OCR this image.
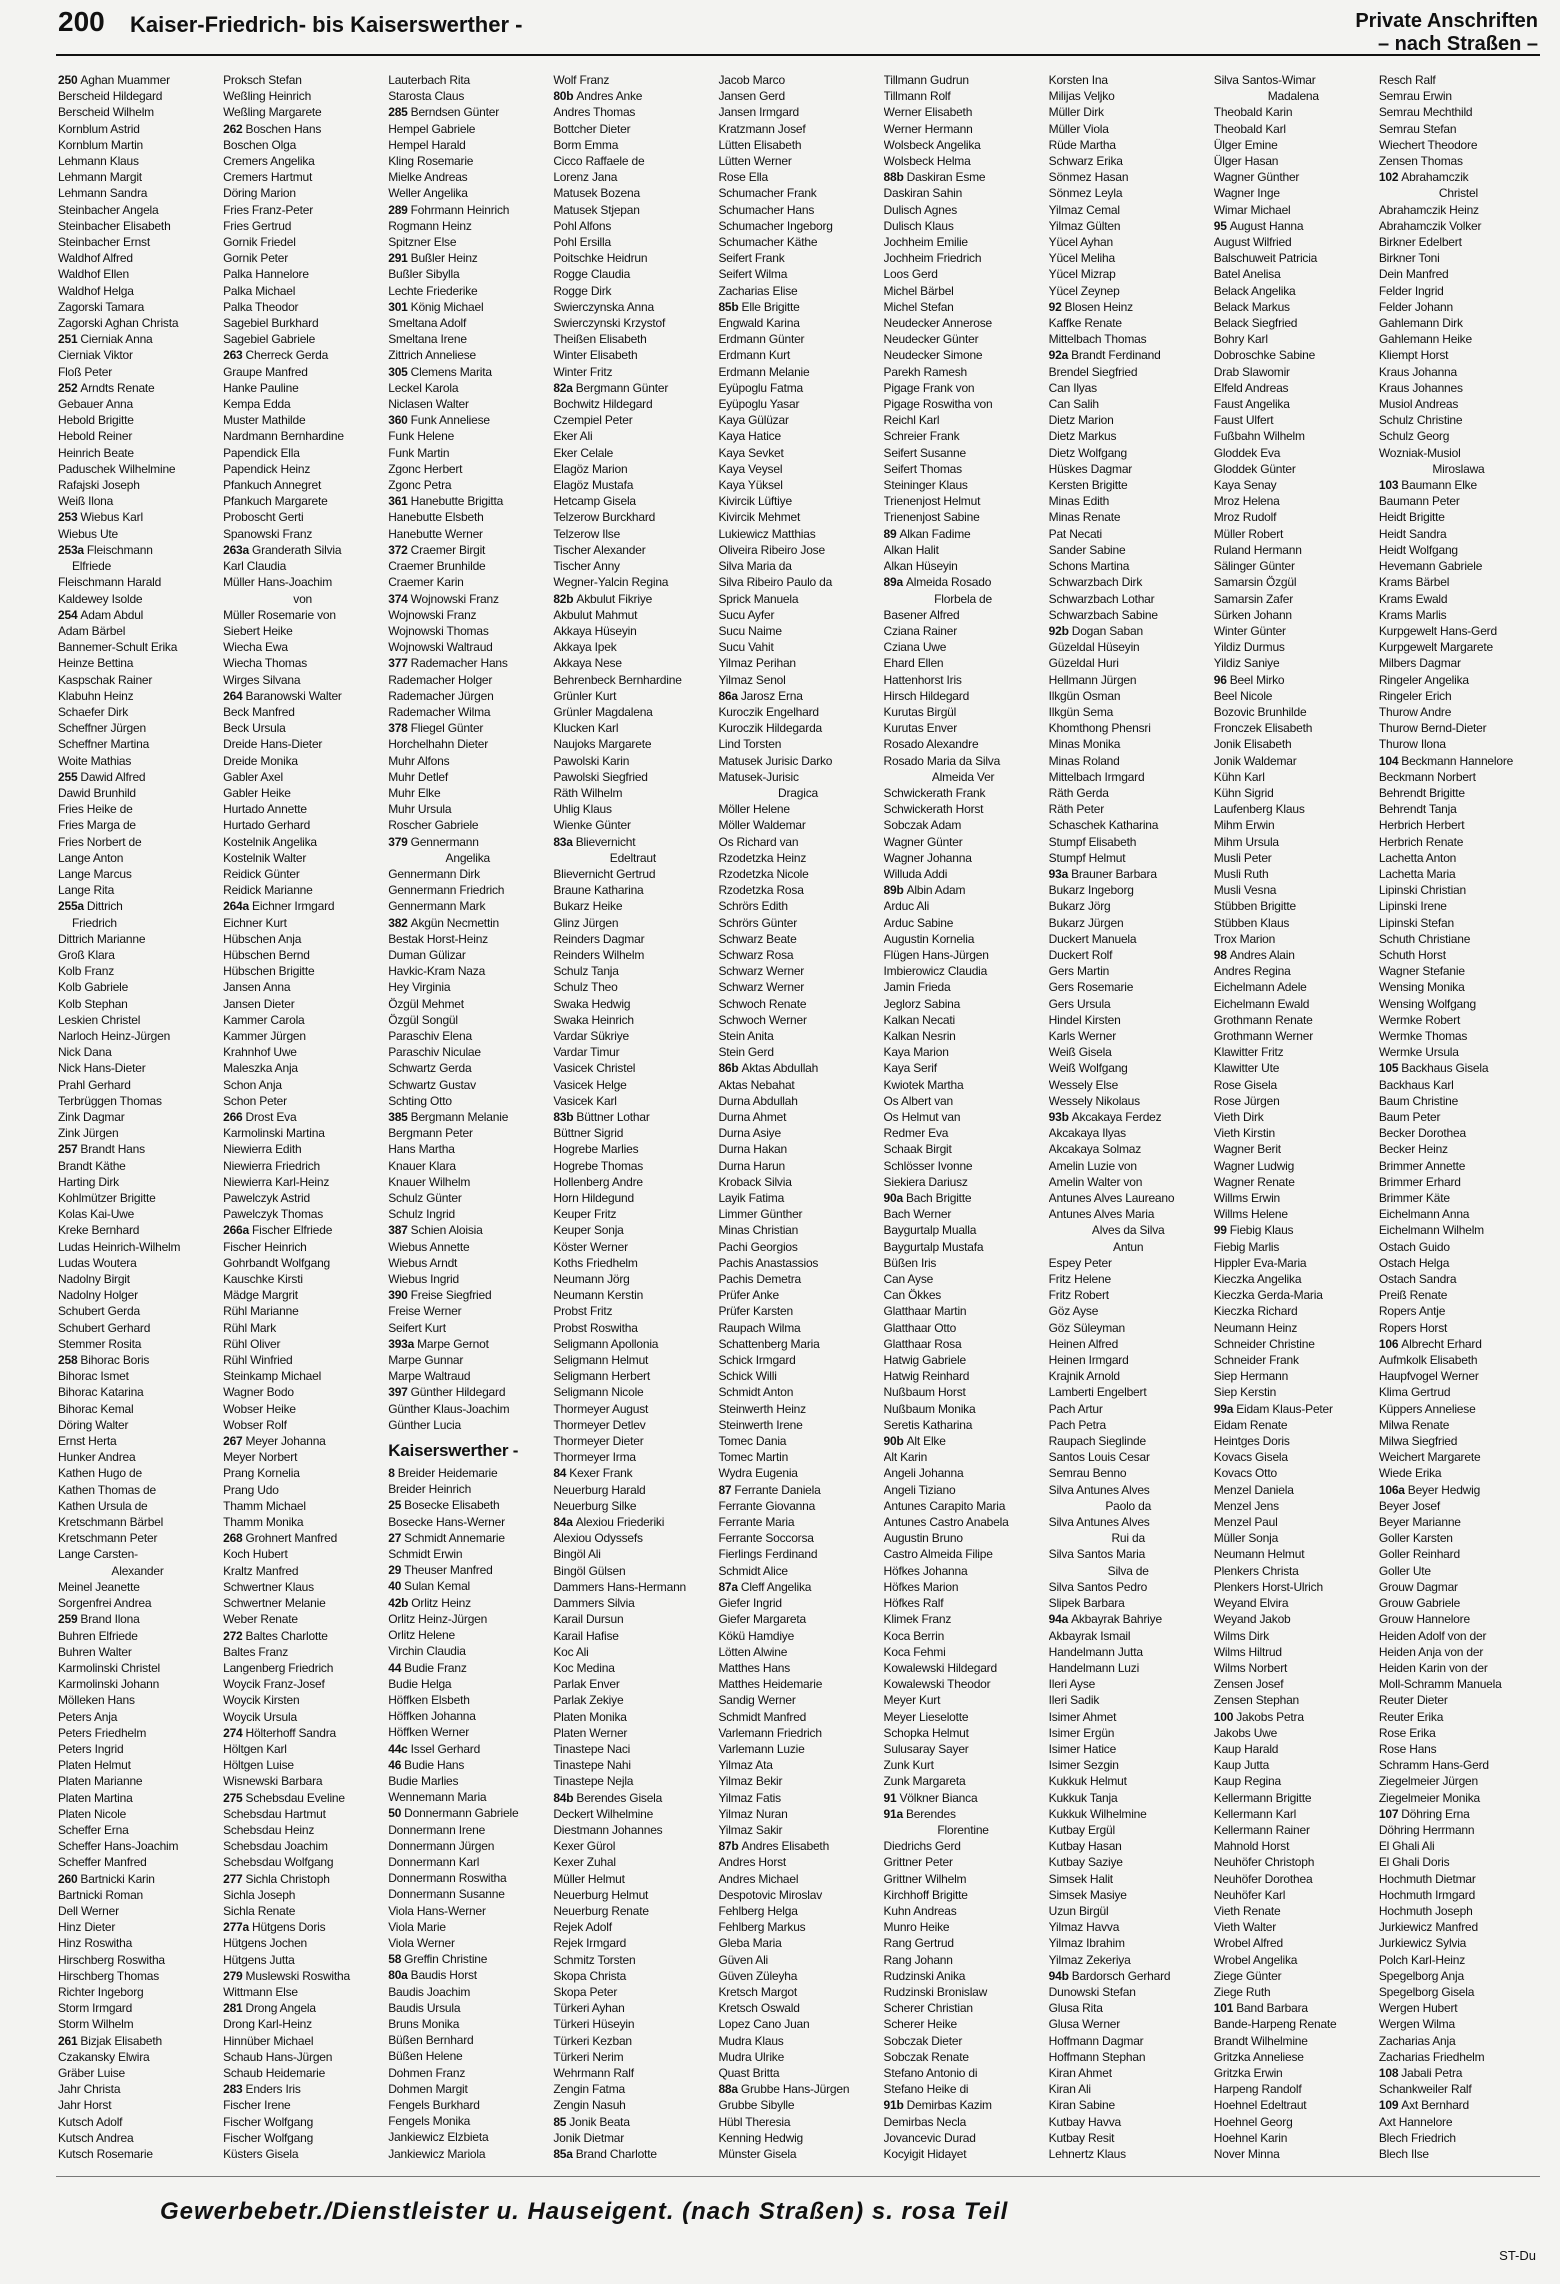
200 Kaiser-Friedrich- bis Kaiserswerther -	Private Anschriften
– nach Straßen –
250 Aghan Muammer
Berscheid Hildegard
Berscheid Wilhelm
Kornblum Astrid
Kornblum Martin
Lehmann Klaus
Lehmann Margit
Lehmann Sandra
Steinbacher Angela
Steinbacher Elisabeth
Steinbacher Ernst
Waldhof Alfred
Waldhof Ellen
Waldhof Helga
Zagorski Tamara
Zagorski Aghan Christa
251 Cierniak Anna
Cierniak Viktor
Floß Peter
252 Arndts Renate
Gebauer Anna
Hebold Brigitte
Hebold Reiner
Heinrich Beate
Paduschek Wilhelmine
Rafajski Joseph
Weiß Ilona
253 Wiebus Karl
Wiebus Ute
253a Fleischmann
Elfriede
Fleischmann Harald
Kaldewey Isolde
254 Adam Abdul
Adam Bärbel
Bannemer-Schult Erika
Heinze Bettina
Kaspschak Rainer
Klabuhn Heinz
Schaefer Dirk
Scheffner Jürgen
Scheffner Martina
Woite Mathias
255 Dawid Alfred
Dawid Brunhild
Fries Heike de
Fries Marga de
Fries Norbert de
Lange Anton
Lange Marcus
Lange Rita
255a Dittrich
Friedrich
Dittrich Marianne
Groß Klara
Kolb Franz
Kolb Gabriele
Kolb Stephan
Leskien Christel
Narloch Heinz-Jürgen
Nick Dana
Nick Hans-Dieter
Prahl Gerhard
Terbrüggen Thomas
Zink Dagmar
Zink Jürgen
257 Brandt Hans
Brandt Käthe
Harting Dirk
Kohlmützer Brigitte
Kolas Kai-Uwe
Kreke Bernhard
Ludas Heinrich-Wilhelm
Ludas Woutera
Nadolny Birgit
Nadolny Holger
Schubert Gerda
Schubert Gerhard
Stemmer Rosita
258 Bihorac Boris
Bihorac Ismet
Bihorac Katarina
Bihorac Kemal
Döring Walter
Ernst Herta
Hunker Andrea
Kathen Hugo de
Kathen Thomas de
Kathen Ursula de
Kretschmann Bärbel
Kretschmann Peter
Lange Carsten-
Alexander
Meinel Jeanette
Sorgenfrei Andrea
259 Brand Ilona
Buhren Elfriede
Buhren Walter
Karmolinski Christel
Karmolinski Johann
Mölleken Hans
Peters Anja
Peters Friedhelm
Peters Ingrid
Platen Helmut
Platen Marianne
Platen Martina
Platen Nicole
Scheffer Erna
Scheffer Hans-Joachim
Scheffer Manfred
260 Bartnicki Karin
Bartnicki Roman
Dell Werner
Hinz Dieter
Hinz Roswitha
Hirschberg Roswitha
Hirschberg Thomas
Richter Ingeborg
Storm Irmgard
Storm Wilhelm
261 Bizjak Elisabeth
Czakansky Elwira
Gräber Luise
Jahr Christa
Jahr Horst
Kutsch Adolf
Kutsch Andrea
Kutsch Rosemarie
Proksch Stefan
Weßling Heinrich
Weßling Margarete
262 Boschen Hans
Boschen Olga
Cremers Angelika
Cremers Hartmut
Döring Marion
Fries Franz-Peter
Fries Gertrud
Gornik Friedel
Gornik Peter
Palka Hannelore
Palka Michael
Palka Theodor
Sagebiel Burkhard
Sagebiel Gabriele
263 Cherreck Gerda
Graupe Manfred
Hanke Pauline
Kempa Edda
Muster Mathilde
Nardmann Bernhardine
Papendick Ella
Papendick Heinz
Pfankuch Annegret
Pfankuch Margarete
Proboscht Gerti
Spanowski Franz
263a Granderath Silvia
Karl Claudia
Müller Hans-Joachim
von
Müller Rosemarie von
Siebert Heike
Wiecha Ewa
Wiecha Thomas
Wirges Silvana
264 Baranowski Walter
Beck Manfred
Beck Ursula
Dreide Hans-Dieter
Dreide Monika
Gabler Axel
Gabler Heike
Hurtado Annette
Hurtado Gerhard
Kostelnik Angelika
Kostelnik Walter
Reidick Günter
Reidick Marianne
264a Eichner Irmgard
Eichner Kurt
Hübschen Anja
Hübschen Bernd
Hübschen Brigitte
Jansen Anna
Jansen Dieter
Kammer Carola
Kammer Jürgen
Krahnhof Uwe
Maleszka Anja
Schon Anja
Schon Peter
266 Drost Eva
Karmolinski Martina
Niewierra Edith
Niewierra Friedrich
Niewierra Karl-Heinz
Pawelczyk Astrid
Pawelczyk Thomas
266a Fischer Elfriede
Fischer Heinrich
Gohrbandt Wolfgang
Kauschke Kirsti
Mädge Margrit
Rühl Marianne
Rühl Mark
Rühl Oliver
Rühl Winfried
Steinkamp Michael
Wagner Bodo
Wobser Heike
Wobser Rolf
267 Meyer Johanna
Meyer Norbert
Prang Kornelia
Prang Udo
Thamm Michael
Thamm Monika
268 Grohnert Manfred
Koch Hubert
Kraltz Manfred
Schwertner Klaus
Schwertner Melanie
Weber Renate
272 Baltes Charlotte
Baltes Franz
Langenberg Friedrich
Woycik Franz-Josef
Woycik Kirsten
Woycik Ursula
274 Hölterhoff Sandra
Höltgen Karl
Höltgen Luise
Wisnewski Barbara
275 Schebsdau Eveline
Schebsdau Hartmut
Schebsdau Heinz
Schebsdau Joachim
Schebsdau Wolfgang
277 Sichla Christoph
Sichla Joseph
Sichla Renate
277a Hütgens Doris
Hütgens Jochen
Hütgens Jutta
279 Muslewski Roswitha
Wittmann Else
281 Drong Angela
Drong Karl-Heinz
Hinnüber Michael
Schaub Hans-Jürgen
Schaub Heidemarie
283 Enders Iris
Fischer Irene
Fischer Wolfgang
Fischer Wolfgang
Küsters Gisela
Lauterbach Rita
Starosta Claus
285 Berndsen Günter
Hempel Gabriele
Hempel Harald
Kling Rosemarie
Mielke Andreas
Weller Angelika
289 Fohrmann Heinrich
Rogmann Heinz
Spitzner Else
291 Bußler Heinz
Bußler Sibylla
Lechte Friederike
301 König Michael
Smeltana Adolf
Smeltana Irene
Zittrich Anneliese
305 Clemens Marita
Leckel Karola
Niclasen Walter
360 Funk Anneliese
Funk Helene
Funk Martin
Zgonc Herbert
Zgonc Petra
361 Hanebutte Brigitta
Hanebutte Elsbeth
Hanebutte Werner
372 Craemer Birgit
Craemer Brunhilde
Craemer Karin
374 Wojnowski Franz
Wojnowski Franz
Wojnowski Thomas
Wojnowski Waltraud
377 Rademacher Hans
Rademacher Holger
Rademacher Jürgen
Rademacher Wilma
378 Fliegel Günter
Horchelhahn Dieter
Muhr Alfons
Muhr Detlef
Muhr Elke
Muhr Ursula
Roscher Gabriele
379 Gennermann
Angelika
Gennermann Dirk
Gennermann Friedrich
Gennermann Mark
382 Akgün Necmettin
Bestak Horst-Heinz
Duman Gülizar
Havkic-Kram Naza
Hey Virginia
Özgül Mehmet
Özgül Songül
Paraschiv Elena
Paraschiv Niculae
Schwartz Gerda
Schwartz Gustav
Schting Otto
385 Bergmann Melanie
Bergmann Peter
Hans Martha
Knauer Klara
Knauer Wilhelm
Schulz Günter
Schulz Ingrid
387 Schien Aloisia
Wiebus Annette
Wiebus Arndt
Wiebus Ingrid
390 Freise Siegfried
Freise Werner
Seifert Kurt
393a Marpe Gernot
Marpe Gunnar
Marpe Waltraud
397 Günther Hildegard
Günther Klaus-Joachim
Günther Lucia
Kaiserswerther -
8 Breider Heidemarie
Breider Heinrich
25 Bosecke Elisabeth
Bosecke Hans-Werner
27 Schmidt Annemarie
Schmidt Erwin
29 Theuser Manfred
40 Sulan Kemal
42b Orlitz Heinz
Orlitz Heinz-Jürgen
Orlitz Helene
Virchin Claudia
44 Budie Franz
Budie Helga
Höffken Elsbeth
Höffken Johanna
Höffken Werner
44c Issel Gerhard
46 Budie Hans
Budie Marlies
Wennemann Maria
50 Donnermann Gabriele
Donnermann Irene
Donnermann Jürgen
Donnermann Karl
Donnermann Roswitha
Donnermann Susanne
Viola Hans-Werner
Viola Marie
Viola Werner
58 Greffin Christine
80a Baudis Horst
Baudis Joachim
Baudis Ursula
Bruns Monika
Büßen Bernhard
Büßen Helene
Dohmen Franz
Dohmen Margit
Fengels Burkhard
Fengels Monika
Jankiewicz Elzbieta
Jankiewicz Mariola
Wolf Franz
80b Andres Anke
Andres Thomas
Bottcher Dieter
Borm Emma
Cicco Raffaele de
Lorenz Jana
Matusek Bozena
Matusek Stjepan
Pohl Alfons
Pohl Ersilla
Poitschke Heidrun
Rogge Claudia
Rogge Dirk
Swierczynska Anna
Swierczynski Krzystof
Theißen Elisabeth
Winter Elisabeth
Winter Fritz
82a Bergmann Günter
Bochwitz Hildegard
Czempiel Peter
Eker Ali
Eker Celale
Elagöz Marion
Elagöz Mustafa
Hetcamp Gisela
Telzerow Burckhard
Telzerow Ilse
Tischer Alexander
Tischer Anny
Wegner-Yalcin Regina
82b Akbulut Fikriye
Akbulut Mahmut
Akkaya Hüseyin
Akkaya Ipek
Akkaya Nese
Behrenbeck Bernhardine
Grünler Kurt
Grünler Magdalena
Klucken Karl
Naujoks Margarete
Pawolski Karin
Pawolski Siegfried
Räth Wilhelm
Uhlig Klaus
Wienke Günter
83a Blievernicht
Edeltraut
Blievernicht Gertrud
Braune Katharina
Bukarz Heike
Glinz Jürgen
Reinders Dagmar
Reinders Wilhelm
Schulz Tanja
Schulz Theo
Swaka Hedwig
Swaka Heinrich
Vardar Sükriye
Vardar Timur
Vasicek Christel
Vasicek Helge
Vasicek Karl
83b Büttner Lothar
Büttner Sigrid
Hogrebe Marlies
Hogrebe Thomas
Hollenberg Andre
Horn Hildegund
Keuper Fritz
Keuper Sonja
Köster Werner
Koths Friedhelm
Neumann Jörg
Neumann Kerstin
Probst Fritz
Probst Roswitha
Seligmann Apollonia
Seligmann Helmut
Seligmann Herbert
Seligmann Nicole
Thormeyer August
Thormeyer Detlev
Thormeyer Dieter
Thormeyer Irma
84 Kexer Frank
Neuerburg Harald
Neuerburg Silke
84a Alexiou Friederiki
Alexiou Odyssefs
Bingöl Ali
Bingöl Gülsen
Dammers Hans-Hermann
Dammers Silvia
Karail Dursun
Karail Hafise
Koc Ali
Koc Medina
Parlak Enver
Parlak Zekiye
Platen Monika
Platen Werner
Tinastepe Naci
Tinastepe Nahi
Tinastepe Nejla
84b Berendes Gisela
Deckert Wilhelmine
Diestmann Johannes
Kexer Gürol
Kexer Zuhal
Müller Helmut
Neuerburg Helmut
Neuerburg Renate
Rejek Adolf
Rejek Irmgard
Schmitz Torsten
Skopa Christa
Skopa Peter
Türkeri Ayhan
Türkeri Hüseyin
Türkeri Kezban
Türkeri Nerim
Wehrmann Ralf
Zengin Fatma
Zengin Nasuh
85 Jonik Beata
Jonik Dietmar
85a Brand Charlotte
Jacob Marco
Jansen Gerd
Jansen Irmgard
Kratzmann Josef
Lütten Elisabeth
Lütten Werner
Rose Ella
Schumacher Frank
Schumacher Hans
Schumacher Ingeborg
Schumacher Käthe
Seifert Frank
Seifert Wilma
Zacharias Elise
85b Elle Brigitte
Engwald Karina
Erdmann Günter
Erdmann Kurt
Erdmann Melanie
Eyüpoglu Fatma
Eyüpoglu Yasar
Kaya Gülüzar
Kaya Hatice
Kaya Sevket
Kaya Veysel
Kaya Yüksel
Kivircik Lüftiye
Kivircik Mehmet
Lukiewicz Matthias
Oliveira Ribeiro Jose
Silva Maria da
Silva Ribeiro Paulo da
Sprick Manuela
Sucu Ayfer
Sucu Naime
Sucu Vahit
Yilmaz Perihan
Yilmaz Senol
86a Jarosz Erna
Kuroczik Engelhard
Kuroczik Hildegarda
Lind Torsten
Matusek Jurisic Darko
Matusek-Jurisic
Dragica
Möller Helene
Möller Waldemar
Os Richard van
Rzodetzka Heinz
Rzodetzka Nicole
Rzodetzka Rosa
Schrörs Edith
Schrörs Günter
Schwarz Beate
Schwarz Rosa
Schwarz Werner
Schwarz Werner
Schwoch Renate
Schwoch Werner
Stein Anita
Stein Gerd
86b Aktas Abdullah
Aktas Nebahat
Durna Abdullah
Durna Ahmet
Durna Asiye
Durna Hakan
Durna Harun
Kroback Silvia
Layik Fatima
Limmer Günther
Minas Christian
Pachi Georgios
Pachis Anastassios
Pachis Demetra
Prüfer Anke
Prüfer Karsten
Raupach Wilma
Schattenberg Maria
Schick Irmgard
Schick Willi
Schmidt Anton
Steinwerth Heinz
Steinwerth Irene
Tomec Dania
Tomec Martin
Wydra Eugenia
87 Ferrante Daniela
Ferrante Giovanna
Ferrante Maria
Ferrante Soccorsa
Fierlings Ferdinand
Schmidt Alice
87a Cleff Angelika
Giefer Ingrid
Giefer Margareta
Kökü Hamdiye
Lötten Alwine
Matthes Hans
Matthes Heidemarie
Sandig Werner
Schmidt Manfred
Varlemann Friedrich
Varlemann Luzie
Yilmaz Ata
Yilmaz Bekir
Yilmaz Fatis
Yilmaz Nuran
Yilmaz Sakir
87b Andres Elisabeth
Andres Horst
Andres Michael
Despotovic Miroslav
Fehlberg Helga
Fehlberg Markus
Gleba Maria
Güven Ali
Güven Züleyha
Kretsch Margot
Kretsch Oswald
Lopez Cano Juan
Mudra Klaus
Mudra Ulrike
Quast Britta
88a Grubbe Hans-Jürgen
Grubbe Sibylle
Hübl Theresia
Kenning Hedwig
Münster Gisela
Tillmann Gudrun
Tillmann Rolf
Werner Elisabeth
Werner Hermann
Wolsbeck Angelika
Wolsbeck Helma
88b Daskiran Esme
Daskiran Sahin
Dulisch Agnes
Dulisch Klaus
Jochheim Emilie
Jochheim Friedrich
Loos Gerd
Michel Bärbel
Michel Stefan
Neudecker Annerose
Neudecker Günter
Neudecker Simone
Parekh Ramesh
Pigage Frank von
Pigage Roswitha von
Reichl Karl
Schreier Frank
Seifert Susanne
Seifert Thomas
Steininger Klaus
Trienenjost Helmut
Trienenjost Sabine
89 Alkan Fadime
Alkan Halit
Alkan Hüseyin
89a Almeida Rosado
Florbela de
Basener Alfred
Cziana Rainer
Cziana Uwe
Ehard Ellen
Hattenhorst Iris
Hirsch Hildegard
Kurutas Birgül
Kurutas Enver
Rosado Alexandre
Rosado Maria da Silva
Almeida Ver
Schwickerath Frank
Schwickerath Horst
Sobczak Adam
Wagner Günter
Wagner Johanna
Willuda Addi
89b Albin Adam
Arduc Ali
Arduc Sabine
Augustin Kornelia
Flügen Hans-Jürgen
Imbierowicz Claudia
Jamin Frieda
Jeglorz Sabina
Kalkan Necati
Kalkan Nesrin
Kaya Marion
Kaya Serif
Kwiotek Martha
Os Albert van
Os Helmut van
Redmer Eva
Schaak Birgit
Schlösser Ivonne
Siekiera Dariusz
90a Bach Brigitte
Bach Werner
Baygurtalp Mualla
Baygurtalp Mustafa
Büßen Iris
Can Ayse
Can Ökkes
Glatthaar Martin
Glatthaar Otto
Glatthaar Rosa
Hatwig Gabriele
Hatwig Reinhard
Nußbaum Horst
Nußbaum Monika
Seretis Katharina
90b Alt Elke
Alt Karin
Angeli Johanna
Angeli Tiziano
Antunes Carapito Maria
Antunes Castro Anabela
Augustin Bruno
Castro Almeida Filipe
Höfkes Johanna
Höfkes Marion
Höfkes Ralf
Klimek Franz
Koca Berrin
Koca Fehmi
Kowalewski Hildegard
Kowalewski Theodor
Meyer Kurt
Meyer Lieselotte
Schopka Helmut
Sulusaray Sayer
Zunk Kurt
Zunk Margareta
91 Völkner Bianca
91a Berendes
Florentine
Diedrichs Gerd
Grittner Peter
Grittner Wilhelm
Kirchhoff Brigitte
Kuhn Andreas
Munro Heike
Rang Gertrud
Rang Johann
Rudzinski Anika
Rudzinski Bronislaw
Scherer Christian
Scherer Heike
Sobczak Dieter
Sobczak Renate
Stefano Antonio di
Stefano Heike di
91b Demirbas Kazim
Demirbas Necla
Jovancevic Durad
Kocyigit Hidayet
Korsten Ina
Milijas Veljko
Müller Dirk
Müller Viola
Rüde Martha
Schwarz Erika
Sönmez Hasan
Sönmez Leyla
Yilmaz Cemal
Yilmaz Gülten
Yücel Ayhan
Yücel Meliha
Yücel Mizrap
Yücel Zeynep
92 Blosen Heinz
Kaffke Renate
Mittelbach Thomas
92a Brandt Ferdinand
Brendel Siegfried
Can Ilyas
Can Salih
Dietz Marion
Dietz Markus
Dietz Wolfgang
Hüskes Dagmar
Kersten Brigitte
Minas Edith
Minas Renate
Pat Necati
Sander Sabine
Schons Martina
Schwarzbach Dirk
Schwarzbach Lothar
Schwarzbach Sabine
92b Dogan Saban
Güzeldal Hüseyin
Güzeldal Huri
Hellmann Jürgen
Ilkgün Osman
Ilkgün Sema
Khomthong Phensri
Minas Monika
Minas Roland
Mittelbach Irmgard
Räth Gerda
Räth Peter
Schaschek Katharina
Stumpf Elisabeth
Stumpf Helmut
93a Brauner Barbara
Bukarz Ingeborg
Bukarz Jörg
Bukarz Jürgen
Duckert Manuela
Duckert Rolf
Gers Martin
Gers Rosemarie
Gers Ursula
Hindel Kirsten
Karls Werner
Weiß Gisela
Weiß Wolfgang
Wessely Else
Wessely Nikolaus
93b Akcakaya Ferdez
Akcakaya Ilyas
Akcakaya Solmaz
Amelin Luzie von
Amelin Walter von
Antunes Alves Laureano
Antunes Alves Maria
Alves da Silva
Antun
Espey Peter
Fritz Helene
Fritz Robert
Göz Ayse
Göz Süleyman
Heinen Alfred
Heinen Irmgard
Krajnik Arnold
Lamberti Engelbert
Pach Artur
Pach Petra
Raupach Sieglinde
Santos Louis Cesar
Semrau Benno
Silva Antunes Alves
Paolo da
Silva Antunes Alves
Rui da
Silva Santos Maria
Silva de
Silva Santos Pedro
Slipek Barbara
94a Akbayrak Bahriye
Akbayrak Ismail
Handelmann Jutta
Handelmann Luzi
Ileri Ayse
Ileri Sadik
Isimer Ahmet
Isimer Ergün
Isimer Hatice
Isimer Sezgin
Kukkuk Helmut
Kukkuk Tanja
Kukkuk Wilhelmine
Kutbay Ergül
Kutbay Hasan
Kutbay Saziye
Simsek Halit
Simsek Masiye
Uzun Birgül
Yilmaz Havva
Yilmaz Ibrahim
Yilmaz Zekeriya
94b Bardorsch Gerhard
Dunowski Stefan
Glusa Rita
Glusa Werner
Hoffmann Dagmar
Hoffmann Stephan
Kiran Ahmet
Kiran Ali
Kiran Sabine
Kutbay Havva
Kutbay Resit
Lehnertz Klaus
Silva Santos-Wimar
Madalena
Theobald Karin
Theobald Karl
Ülger Emine
Ülger Hasan
Wagner Günther
Wagner Inge
Wimar Michael
95 August Hanna
August Wilfried
Balschuweit Patricia
Batel Anelisa
Belack Angelika
Belack Markus
Belack Siegfried
Bohry Karl
Dobroschke Sabine
Drab Slawomir
Elfeld Andreas
Faust Angelika
Faust Ulfert
Fußbahn Wilhelm
Gloddek Eva
Gloddek Günter
Kaya Senay
Mroz Helena
Mroz Rudolf
Müller Robert
Ruland Hermann
Sälinger Günter
Samarsin Özgül
Samarsin Zafer
Sürken Johann
Winter Günter
Yildiz Durmus
Yildiz Saniye
96 Beel Mirko
Beel Nicole
Bozovic Brunhilde
Fronczek Elisabeth
Jonik Elisabeth
Jonik Waldemar
Kühn Karl
Kühn Sigrid
Laufenberg Klaus
Mihm Erwin
Mihm Ursula
Musli Peter
Musli Ruth
Musli Vesna
Stübben Brigitte
Stübben Klaus
Trox Marion
98 Andres Alain
Andres Regina
Eichelmann Adele
Eichelmann Ewald
Grothmann Renate
Grothmann Werner
Klawitter Fritz
Klawitter Ute
Rose Gisela
Rose Jürgen
Vieth Dirk
Vieth Kirstin
Wagner Berit
Wagner Ludwig
Wagner Renate
Willms Erwin
Willms Helene
99 Fiebig Klaus
Fiebig Marlis
Hippler Eva-Maria
Kieczka Angelika
Kieczka Gerda-Maria
Kieczka Richard
Neumann Heinz
Schneider Christine
Schneider Frank
Siep Hermann
Siep Kerstin
99a Eidam Klaus-Peter
Eidam Renate
Heintges Doris
Kovacs Gisela
Kovacs Otto
Menzel Daniela
Menzel Jens
Menzel Paul
Müller Sonja
Neumann Helmut
Plenkers Christa
Plenkers Horst-Ulrich
Weyand Elvira
Weyand Jakob
Wilms Dirk
Wilms Hiltrud
Wilms Norbert
Zensen Josef
Zensen Stephan
100 Jakobs Petra
Jakobs Uwe
Kaup Harald
Kaup Jutta
Kaup Regina
Kellermann Brigitte
Kellermann Karl
Kellermann Rainer
Mahnold Horst
Neuhöfer Christoph
Neuhöfer Dorothea
Neuhöfer Karl
Vieth Renate
Vieth Walter
Wrobel Alfred
Wrobel Angelika
Ziege Günter
Ziege Ruth
101 Band Barbara
Bande-Harpeng Renate
Brandt Wilhelmine
Gritzka Anneliese
Gritzka Erwin
Harpeng Randolf
Hoehnel Edeltraut
Hoehnel Georg
Hoehnel Karin
Nover Minna
Resch Ralf
Semrau Erwin
Semrau Mechthild
Semrau Stefan
Wiechert Theodore
Zensen Thomas
102 Abrahamczik
Christel
Abrahamczik Heinz
Abrahamczik Volker
Birkner Edelbert
Birkner Toni
Dein Manfred
Felder Ingrid
Felder Johann
Gahlemann Dirk
Gahlemann Heike
Kliempt Horst
Kraus Johanna
Kraus Johannes
Musiol Andreas
Schulz Christine
Schulz Georg
Wozniak-Musiol
Miroslawa
103 Baumann Elke
Baumann Peter
Heidt Brigitte
Heidt Sandra
Heidt Wolfgang
Hevemann Gabriele
Krams Bärbel
Krams Ewald
Krams Marlis
Kurpgewelt Hans-Gerd
Kurpgewelt Margarete
Milbers Dagmar
Ringeler Angelika
Ringeler Erich
Thurow Andre
Thurow Bernd-Dieter
Thurow Ilona
104 Beckmann Hannelore
Beckmann Norbert
Behrendt Brigitte
Behrendt Tanja
Herbrich Herbert
Herbrich Renate
Lachetta Anton
Lachetta Maria
Lipinski Christian
Lipinski Irene
Lipinski Stefan
Schuth Christiane
Schuth Horst
Wagner Stefanie
Wensing Monika
Wensing Wolfgang
Wermke Robert
Wermke Thomas
Wermke Ursula
105 Backhaus Gisela
Backhaus Karl
Baum Christine
Baum Peter
Becker Dorothea
Becker Heinz
Brimmer Annette
Brimmer Erhard
Brimmer Käte
Eichelmann Anna
Eichelmann Wilhelm
Ostach Guido
Ostach Helga
Ostach Sandra
Preiß Renate
Ropers Antje
Ropers Horst
106 Albrecht Erhard
Aufmkolk Elisabeth
Haupfvogel Werner
Klima Gertrud
Küppers Anneliese
Milwa Renate
Milwa Siegfried
Weichert Margarete
Wiede Erika
106a Beyer Hedwig
Beyer Josef
Beyer Marianne
Goller Karsten
Goller Reinhard
Goller Ute
Grouw Dagmar
Grouw Gabriele
Grouw Hannelore
Heiden Adolf von der
Heiden Anja von der
Heiden Karin von der
Moll-Schramm Manuela
Reuter Dieter
Reuter Erika
Rose Erika
Rose Hans
Schramm Hans-Gerd
Ziegelmeier Jürgen
Ziegelmeier Monika
107 Döhring Erna
Döhring Herrmann
El Ghali Ali
El Ghali Doris
Hochmuth Dietmar
Hochmuth Irmgard
Hochmuth Joseph
Jurkiewicz Manfred
Jurkiewicz Sylvia
Polch Karl-Heinz
Spegelborg Anja
Spegelborg Gisela
Wergen Hubert
Wergen Wilma
Zacharias Anja
Zacharias Friedhelm
108 Jabali Petra
Schankweiler Ralf
109 Axt Bernhard
Axt Hannelore
Blech Friedrich
Blech Ilse
Gewerbebetr./Dienstleister u. Hauseigent. (nach Straßen) s. rosa Teil
ST-Du
